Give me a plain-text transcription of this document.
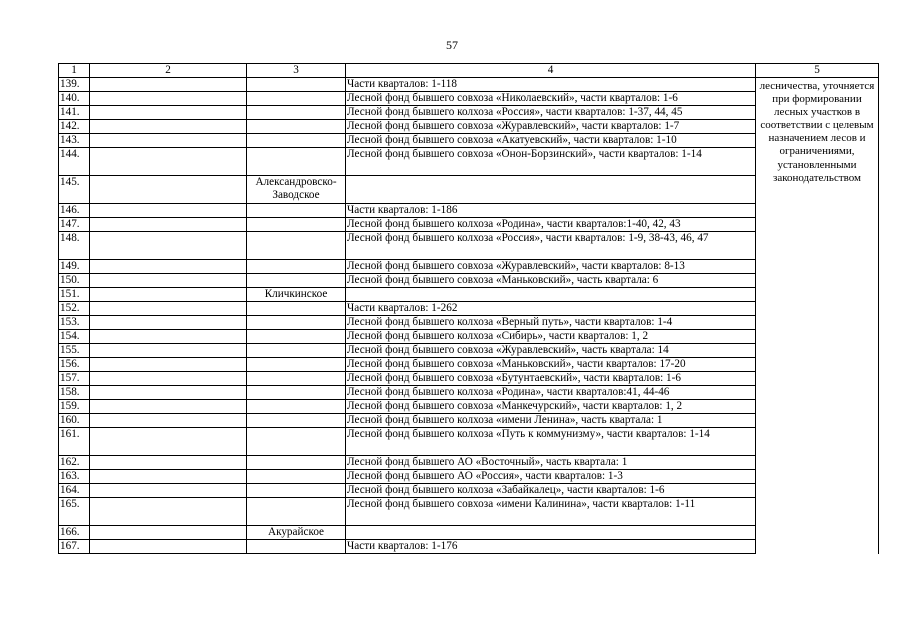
57
1	2	3	4	5
139.			Части кварталов: 1-118	лесничества, уточняется при формировании лесных участков в соответствии с целевым назначением лесов и ограничениями, установленными законодательством
140.			Лесной фонд бывшего совхоза «Николаевский», части кварталов: 1-6	
141.			Лесной фонд бывшего колхоза «Россия», части кварталов: 1-37, 44, 45	
142.			Лесной фонд бывшего совхоза «Журавлевский», части кварталов: 1-7	
143.			Лесной фонд бывшего совхоза «Акатуевский», части кварталов: 1-10	
144.			Лесной фонд бывшего совхоза «Онон-Борзинский», части кварталов: 1-14	
145.		Александровско-Заводское		
146.			Части кварталов: 1-186	
147.			Лесной фонд бывшего колхоза «Родина», части кварталов:1-40, 42, 43	
148.			Лесной фонд бывшего колхоза «Россия», части кварталов: 1-9, 38-43, 46, 47	
149.			Лесной фонд бывшего совхоза «Журавлевский», части кварталов: 8-13	
150.			Лесной фонд бывшего совхоза «Маньковский», часть квартала: 6	
151.		Кличкинское		
152.			Части кварталов: 1-262	
153.			Лесной фонд бывшего колхоза «Верный путь», части кварталов: 1-4	
154.			Лесной фонд бывшего колхоза «Сибирь», части кварталов: 1, 2	
155.			Лесной фонд бывшего совхоза «Журавлевский», часть квартала: 14	
156.			Лесной фонд бывшего совхоза «Маньковский», части кварталов: 17-20	
157.			Лесной фонд бывшего совхоза «Бутунтаевский», части кварталов: 1-6	
158.			Лесной фонд бывшего колхоза «Родина», части кварталов:41, 44-46	
159.			Лесной фонд бывшего совхоза «Манкечурский», части кварталов: 1, 2	
160.			Лесной фонд бывшего колхоза «имени Ленина», часть квартала: 1	
161.			Лесной фонд бывшего колхоза «Путь к коммунизму», части кварталов: 1-14	
162.			Лесной фонд бывшего АО «Восточный», часть квартала: 1	
163.			Лесной фонд бывшего АО «Россия», части кварталов: 1-3	
164.			Лесной фонд бывшего колхоза «Забайкалец», части кварталов: 1-6	
165.			Лесной фонд бывшего совхоза «имени Калинина», части кварталов: 1-11	
166.		Акурайское		
167.			Части кварталов: 1-176	
